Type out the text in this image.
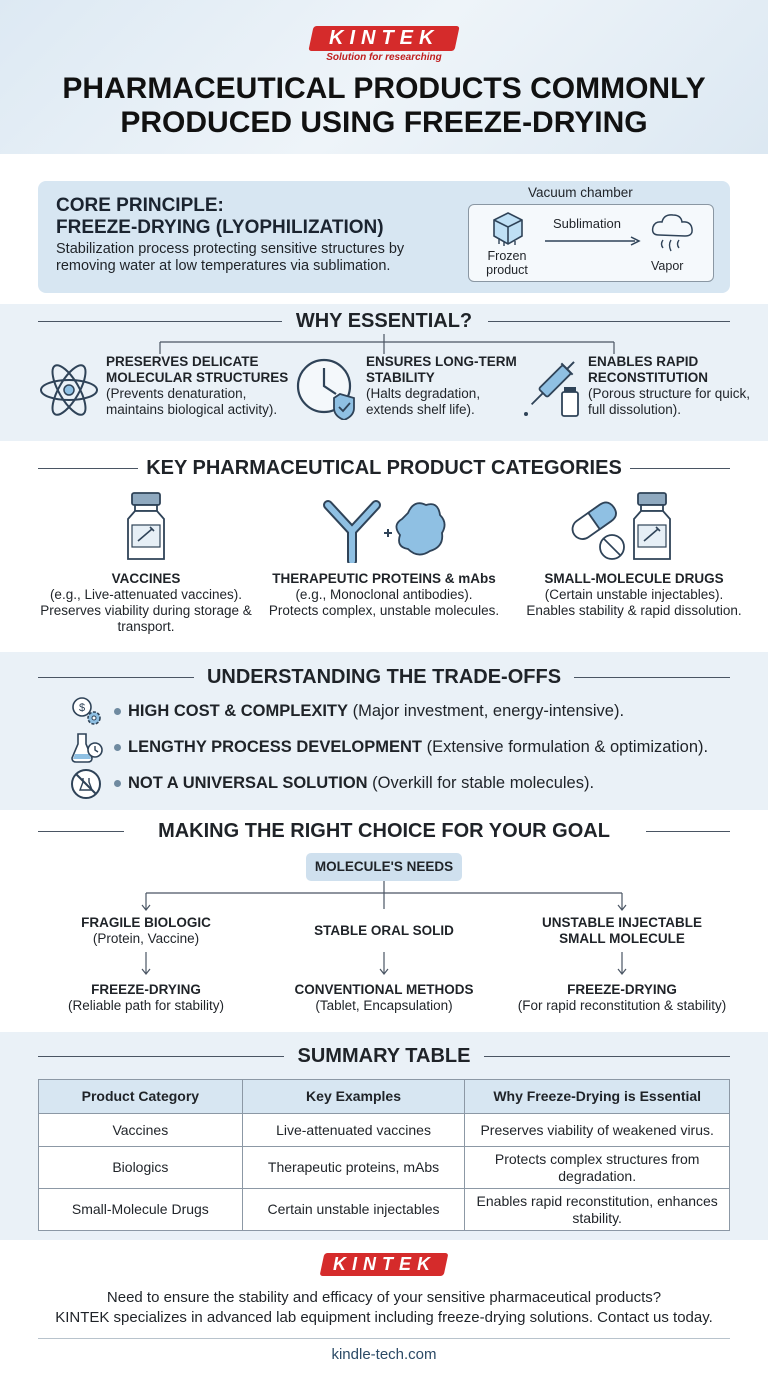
KINTEK
Solution for researching
PHARMACEUTICAL PRODUCTS COMMONLY PRODUCED USING FREEZE-DRYING
CORE PRINCIPLE:
FREEZE-DRYING (LYOPHILIZATION)
Stabilization process protecting sensitive structures by removing water at low temperatures via sublimation.
Vacuum chamber
Frozen product
Sublimation
Vapor
WHY ESSENTIAL?
PRESERVES DELICATE MOLECULAR STRUCTURES
(Prevents denaturation, maintains biological activity).
ENSURES LONG-TERM STABILITY
(Halts degradation, extends shelf life).
ENABLES RAPID RECONSTITUTION
(Porous structure for quick, full dissolution).
KEY PHARMACEUTICAL PRODUCT CATEGORIES
VACCINES
(e.g., Live-attenuated vaccines).
Preserves viability during storage & transport.
THERAPEUTIC PROTEINS & mAbs
(e.g., Monoclonal antibodies).
Protects complex, unstable molecules.
SMALL-MOLECULE DRUGS
(Certain unstable injectables).
Enables stability & rapid dissolution.
UNDERSTANDING THE TRADE-OFFS
$	HIGH COST & COMPLEXITY (Major investment, energy-intensive).
LENGTHY PROCESS DEVELOPMENT (Extensive formulation & optimization).
NOT A UNIVERSAL SOLUTION (Overkill for stable molecules).
MAKING THE RIGHT CHOICE FOR YOUR GOAL
MOLECULE'S NEEDS
FRAGILE BIOLOGIC
(Protein, Vaccine)
STABLE ORAL SOLID
UNSTABLE INJECTABLE
SMALL MOLECULE
FREEZE-DRYING
(Reliable path for stability)
CONVENTIONAL METHODS
(Tablet, Encapsulation)
FREEZE-DRYING
(For rapid reconstitution & stability)
SUMMARY TABLE
Product Category	Key Examples	Why Freeze-Drying is Essential
Vaccines	Live-attenuated vaccines	Preserves viability of weakened virus.
Biologics	Therapeutic proteins, mAbs	Protects complex structures from degradation.
Small-Molecule Drugs	Certain unstable injectables	Enables rapid reconstitution, enhances stability.
KINTEK
Need to ensure the stability and efficacy of your sensitive pharmaceutical products?
KINTEK specializes in advanced lab equipment including freeze-drying solutions. Contact us today.
kindle-tech.com
